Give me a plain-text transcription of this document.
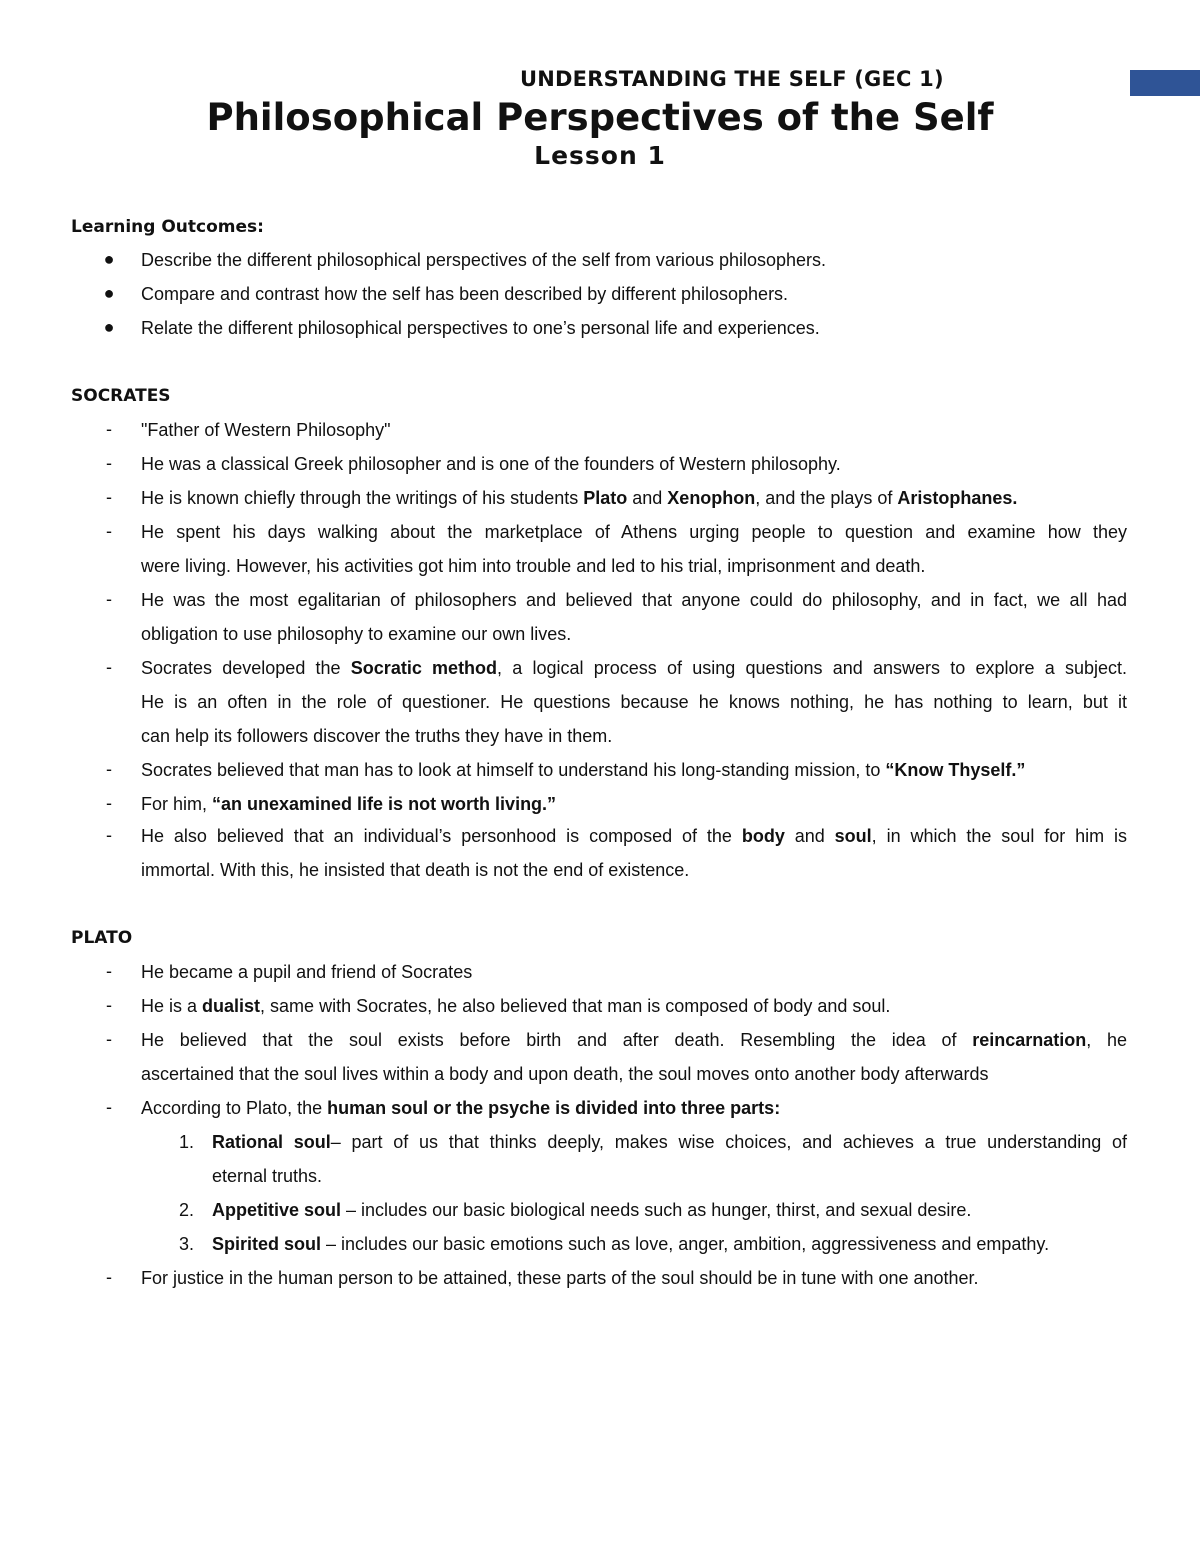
UNDERSTANDING THE SELF (GEC 1)
Philosophical Perspectives of the Self
Lesson 1
Learning Outcomes:
● Describe the different philosophical perspectives of the self from various philosophers.
● Compare and contrast how the self has been described by different philosophers.
● Relate the different philosophical perspectives to one’s personal life and experiences.
SOCRATES
- "Father of Western Philosophy"
- He was a classical Greek philosopher and is one of the founders of Western philosophy.
- He is known chiefly through the writings of his students Plato and Xenophon, and the plays of Aristophanes.
- He spent his days walking about the marketplace of Athens urging people to question and examine how they
were living. However, his activities got him into trouble and led to his trial, imprisonment and death.
- He was the most egalitarian of philosophers and believed that anyone could do philosophy, and in fact, we all had
obligation to use philosophy to examine our own lives.
- Socrates developed the Socratic method, a logical process of using questions and answers to explore a subject.
He is an often in the role of questioner. He questions because he knows nothing, he has nothing to learn, but it
can help its followers discover the truths they have in them.
- Socrates believed that man has to look at himself to understand his long-standing mission, to “Know Thyself.”
- For him, “an unexamined life is not worth living.”
- He also believed that an individual’s personhood is composed of the body and soul, in which the soul for him is
immortal. With this, he insisted that death is not the end of existence.
PLATO
- He became a pupil and friend of Socrates
- He is a dualist, same with Socrates, he also believed that man is composed of body and soul.
- He believed that the soul exists before birth and after death. Resembling the idea of reincarnation, he
ascertained that the soul lives within a body and upon death, the soul moves onto another body afterwards
- According to Plato, the human soul or the psyche is divided into three parts:
1. Rational soul– part of us that thinks deeply, makes wise choices, and achieves a true understanding of
eternal truths.
2. Appetitive soul – includes our basic biological needs such as hunger, thirst, and sexual desire.
3. Spirited soul – includes our basic emotions such as love, anger, ambition, aggressiveness and empathy.
- For justice in the human person to be attained, these parts of the soul should be in tune with one another.
